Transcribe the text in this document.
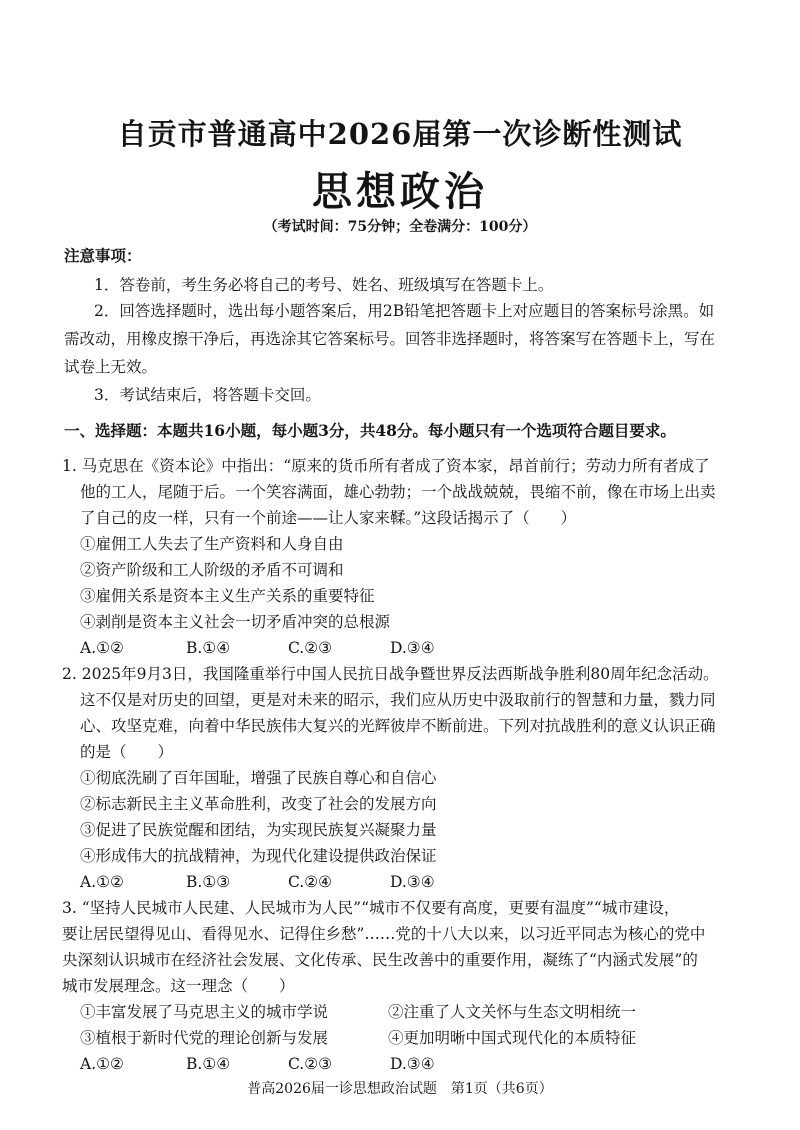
自贡市普通高中2026届第一次诊断性测试
思想政治
（考试时间：75分钟；全卷满分：100分）
注意事项：
1．答卷前，考生务必将自己的考号、姓名、班级填写在答题卡上。
2．回答选择题时，选出每小题答案后，用2B铅笔把答题卡上对应题目的答案标号涂黑。如
需改动，用橡皮擦干净后，再选涂其它答案标号。回答非选择题时，将答案写在答题卡上，写在
试卷上无效。
3．考试结束后，将答题卡交回。
一、选择题：本题共16小题，每小题3分，共48分。每小题只有一个选项符合题目要求。
1. 马克思在《资本论》中指出：“原来的货币所有者成了资本家，昂首前行；劳动力所有者成了
他的工人，尾随于后。一个笑容满面，雄心勃勃；一个战战兢兢，畏缩不前，像在市场上出卖
了自己的皮一样，只有一个前途——让人家来鞣。”这段话揭示了（　　）
①雇佣工人失去了生产资料和人身自由
②资产阶级和工人阶级的矛盾不可调和
③雇佣关系是资本主义生产关系的重要特征
④剥削是资本主义社会一切矛盾冲突的总根源
A.①②	B.①④	C.②③	D.③④
2. 2025年9月3日，我国隆重举行中国人民抗日战争暨世界反法西斯战争胜利80周年纪念活动。
这不仅是对历史的回望，更是对未来的昭示，我们应从历史中汲取前行的智慧和力量，戮力同
心、攻坚克难，向着中华民族伟大复兴的光辉彼岸不断前进。下列对抗战胜利的意义认识正确
的是（　　）
①彻底洗刷了百年国耻，增强了民族自尊心和自信心
②标志新民主主义革命胜利，改变了社会的发展方向
③促进了民族觉醒和团结，为实现民族复兴凝聚力量
④形成伟大的抗战精神，为现代化建设提供政治保证
A.①②	B.①③	C.②④	D.③④
3. “坚持人民城市人民建、人民城市为人民”“城市不仅要有高度，更要有温度”“城市建设，
要让居民望得见山、看得见水、记得住乡愁”……党的十八大以来，以习近平同志为核心的党中
央深刻认识城市在经济社会发展、文化传承、民生改善中的重要作用，凝练了“内涵式发展”的
城市发展理念。这一理念（　　）
①丰富发展了马克思主义的城市学说	②注重了人文关怀与生态文明相统一
③植根于新时代党的理论创新与发展	④更加明晰中国式现代化的本质特征
A.①②	B.①④	C.②③	D.③④
普高2026届一诊思想政治试题　第1页（共6页）
